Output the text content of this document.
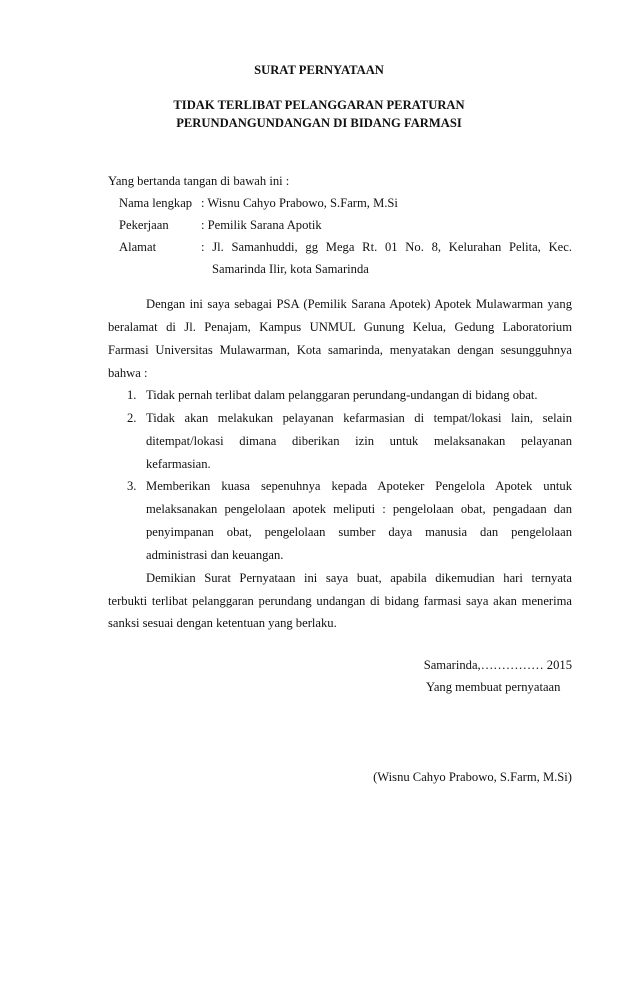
SURAT PERNYATAAN
TIDAK TERLIBAT PELANGGARAN PERATURAN
PERUNDANGUNDANGAN DI BIDANG FARMASI
Yang bertanda tangan di bawah ini :
Nama lengkap : Wisnu Cahyo Prabowo, S.Farm, M.Si
Pekerjaan	: Pemilik Sarana Apotik
Alamat	: Jl. Samanhuddi, gg Mega Rt. 01 No. 8, Kelurahan Pelita, Kec.
Samarinda Ilir, kota Samarinda
Dengan ini saya sebagai PSA (Pemilik Sarana Apotek) Apotek Mulawarman yang
beralamat di Jl. Penajam, Kampus UNMUL Gunung Kelua, Gedung Laboratorium
Farmasi Universitas Mulawarman, Kota samarinda, menyatakan dengan sesungguhnya
bahwa :
1. Tidak pernah terlibat dalam pelanggaran perundang-undangan di bidang obat.
2. Tidak akan melakukan pelayanan kefarmasian di tempat/lokasi lain, selain
ditempat/lokasi dimana diberikan izin untuk melaksanakan pelayanan
kefarmasian.
3. Memberikan kuasa sepenuhnya kepada Apoteker Pengelola Apotek untuk
melaksanakan pengelolaan apotek meliputi : pengelolaan obat, pengadaan dan
penyimpanan obat, pengelolaan sumber daya manusia dan pengelolaan
administrasi dan keuangan.
Demikian Surat Pernyataan ini saya buat, apabila dikemudian hari ternyata
terbukti terlibat pelanggaran perundang undangan di bidang farmasi saya akan menerima
sanksi sesuai dengan ketentuan yang berlaku.
Samarinda,…………… 2015
Yang membuat pernyataan
(Wisnu Cahyo Prabowo, S.Farm, M.Si)
